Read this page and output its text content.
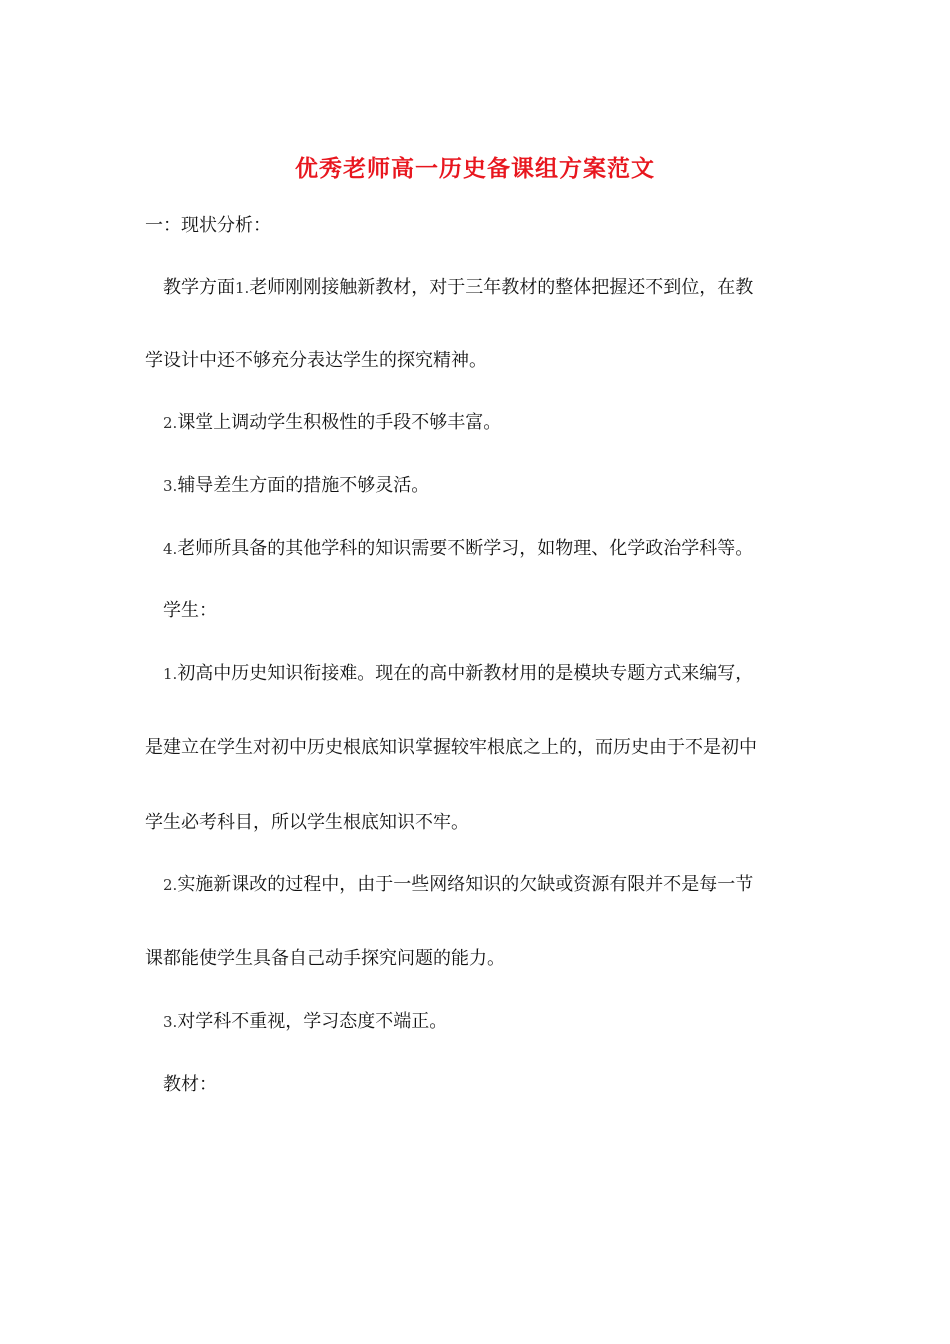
优秀老师高一历史备课组方案范文
一：现状分析：
教学方面1.老师刚刚接触新教材，对于三年教材的整体把握还不到位，在教
学设计中还不够充分表达学生的探究精神。
2.课堂上调动学生积极性的手段不够丰富。
3.辅导差生方面的措施不够灵活。
4.老师所具备的其他学科的知识需要不断学习，如物理、化学政治学科等。
学生：
1.初高中历史知识衔接难。现在的高中新教材用的是模块专题方式来编写，
是建立在学生对初中历史根底知识掌握较牢根底之上的，而历史由于不是初中
学生必考科目，所以学生根底知识不牢。
2.实施新课改的过程中，由于一些网络知识的欠缺或资源有限并不是每一节
课都能使学生具备自己动手探究问题的能力。
3.对学科不重视，学习态度不端正。
教材：
